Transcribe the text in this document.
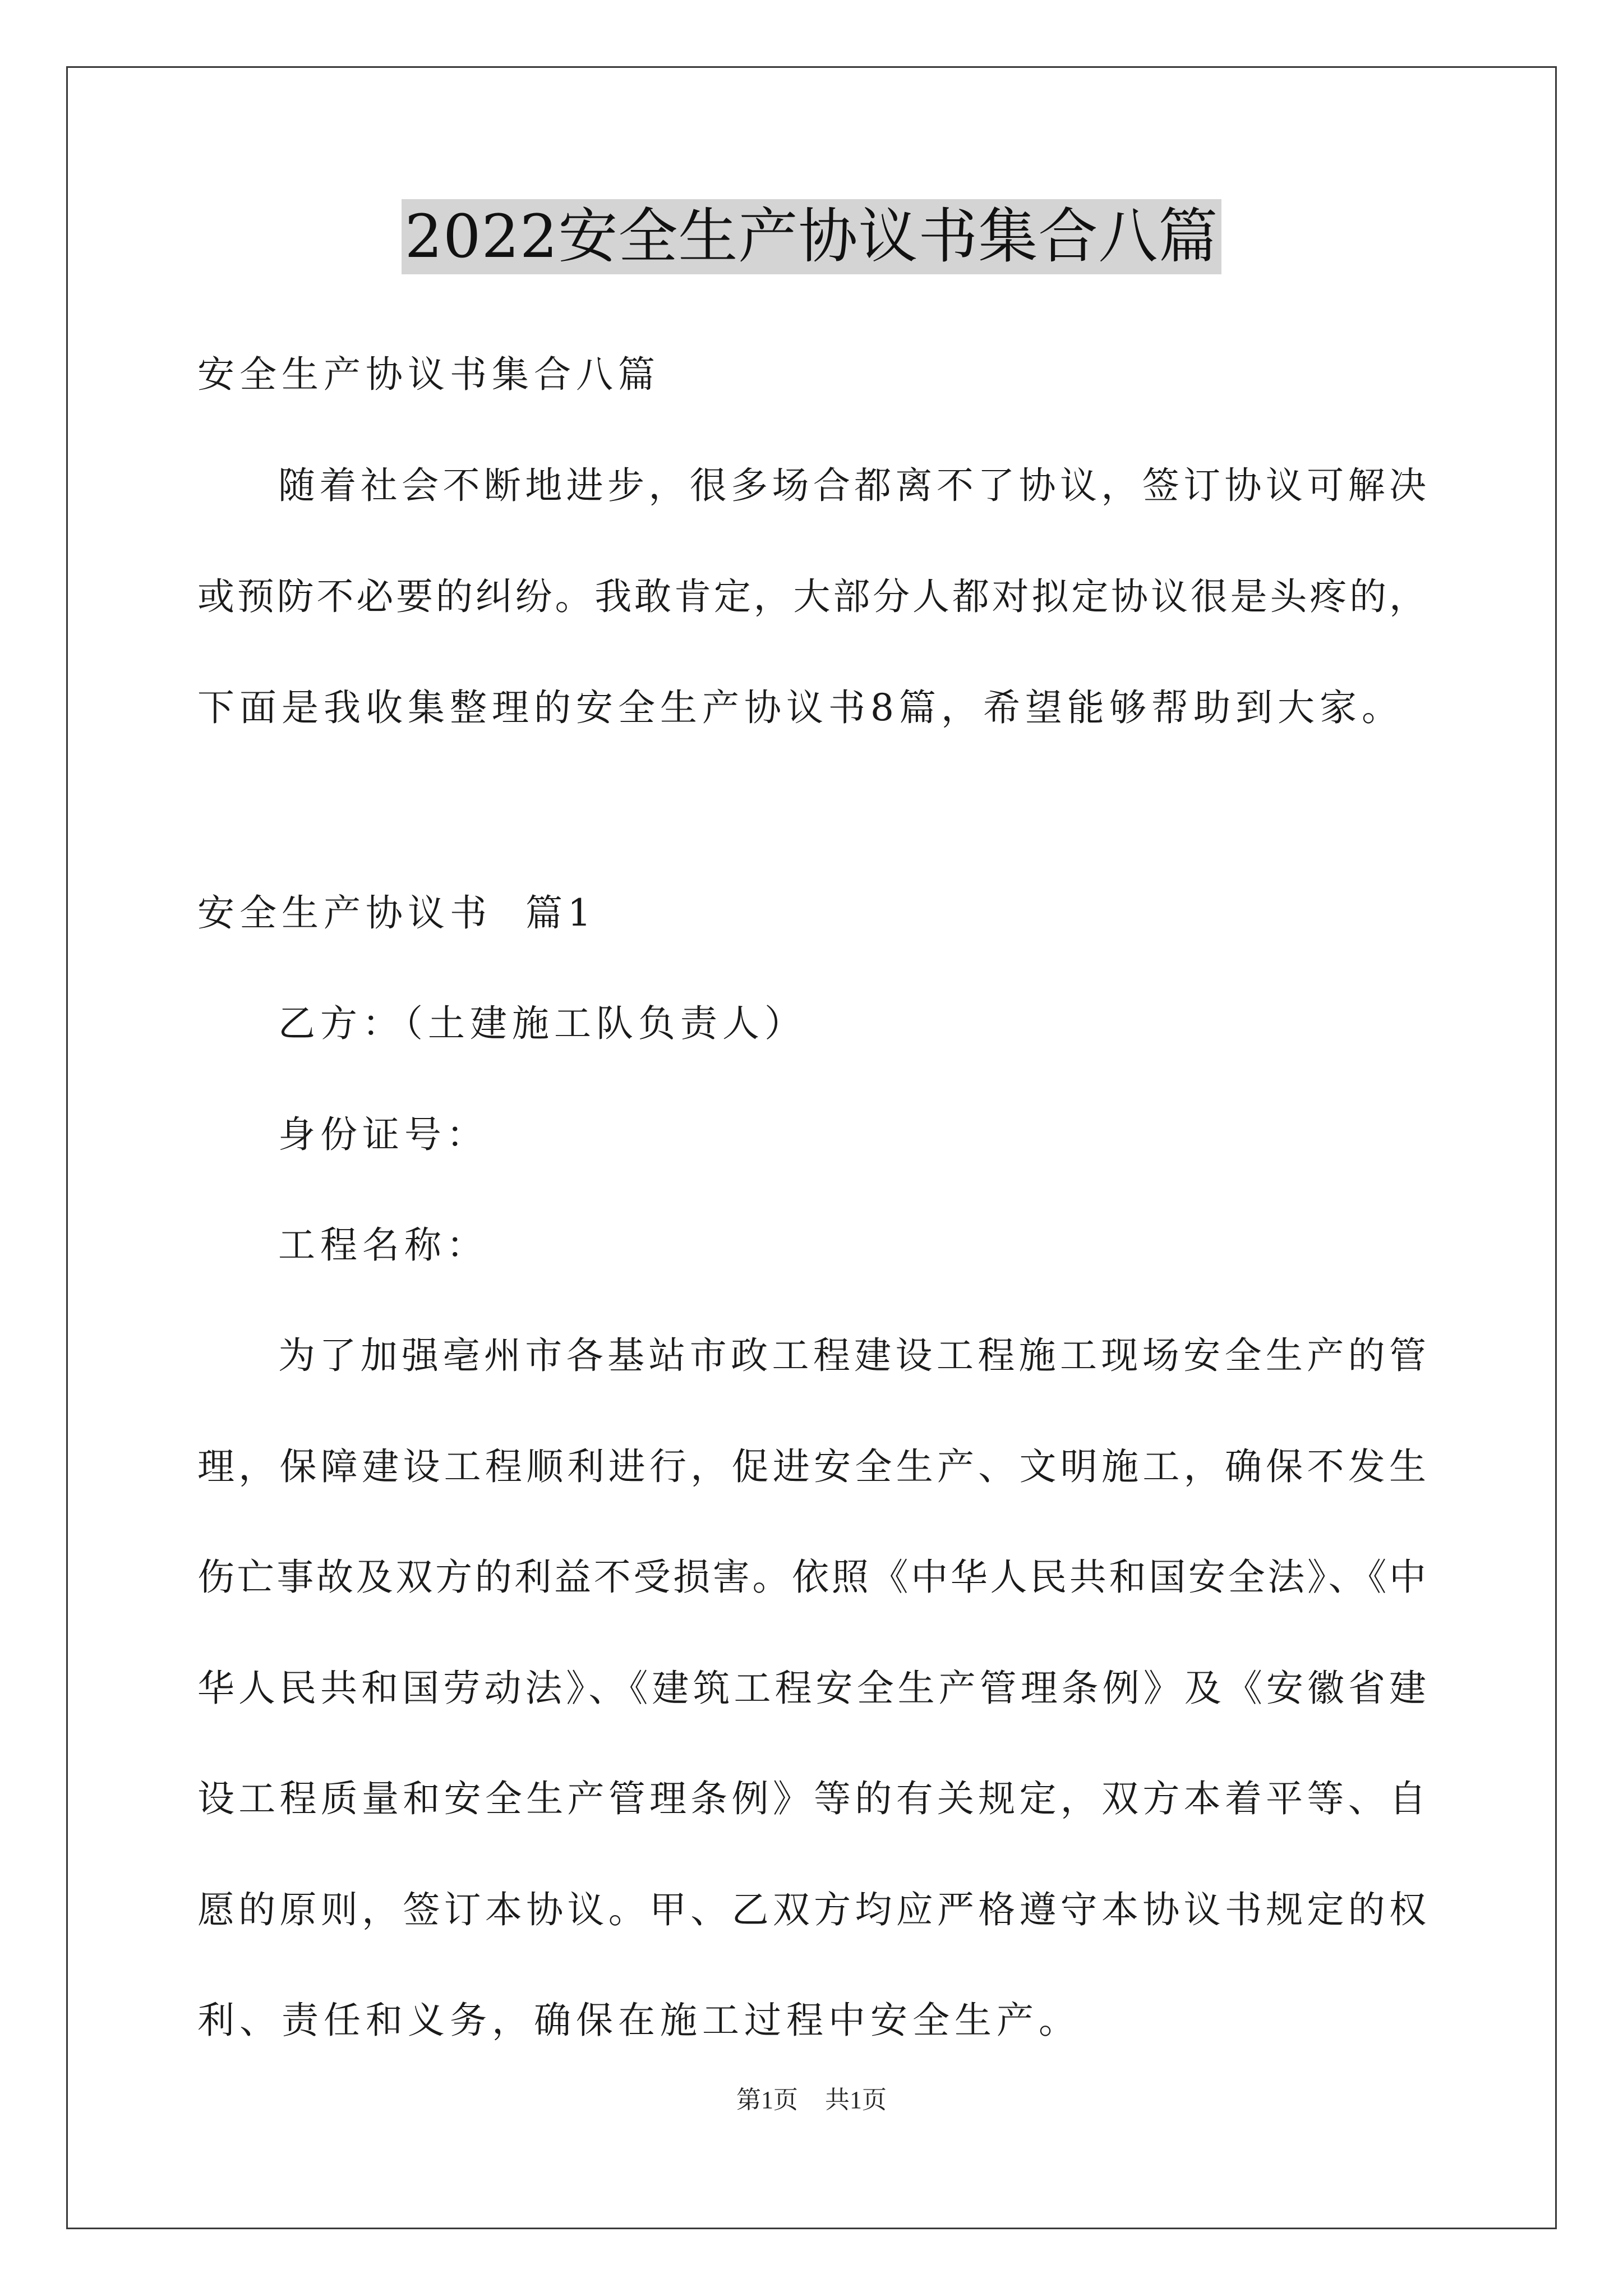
2022安全生产协议书集合八篇
安全生产协议书集合八篇
随着社会不断地进步，很多场合都离不了协议，签订协议可解决
或预防不必要的纠纷。我敢肯定，大部分人都对拟定协议很是头疼的，
下面是我收集整理的安全生产协议书8篇，希望能够帮助到大家。
安全生产协议书  篇1
乙方：（土建施工队负责人）
身份证号：
工程名称：
为了加强亳州市各基站市政工程建设工程施工现场安全生产的管
理，保障建设工程顺利进行，促进安全生产、文明施工，确保不发生
伤亡事故及双方的利益不受损害。依照《中华人民共和国安全法》、《中
华人民共和国劳动法》、《建筑工程安全生产管理条例》及《安徽省建
设工程质量和安全生产管理条例》等的有关规定，双方本着平等、自
愿的原则，签订本协议。甲、乙双方均应严格遵守本协议书规定的权
利、责任和义务，确保在施工过程中安全生产。
第1页 共1页
